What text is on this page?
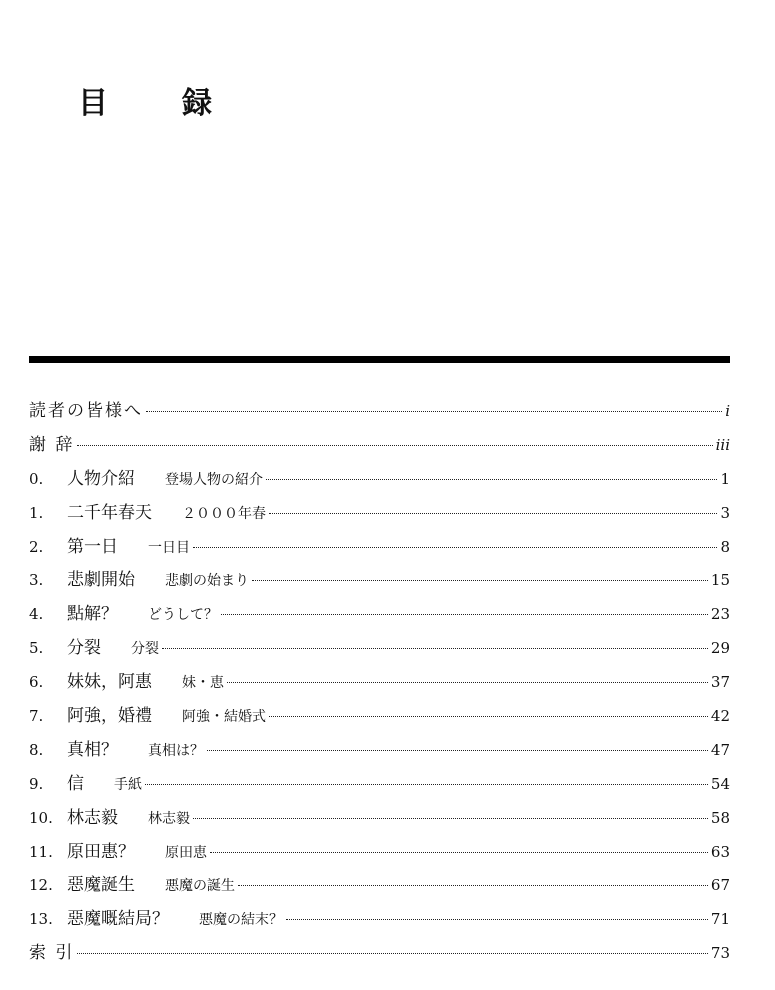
目　録
読者の皆様へ	i
謝 辞	iii
0.	人物介紹 登場人物の紹介	1
1.	二千年春天 ２０００年春	3
2.	第一日 一日目	8
3.	悲劇開始 悲劇の始まり	15
4.	點解？ どうして？	23
5.	分裂 分裂	29
6.	妹妹，阿惠 妹・恵	37
7.	阿強，婚禮 阿強・結婚式	42
8.	真相？ 真相は？	47
9.	信 手紙	54
10. 林志毅 林志毅	58
11. 原田惠？ 原田恵	63
12. 惡魔誕生 悪魔の誕生	67
13. 惡魔嘅結局？ 悪魔の結末？	71
索 引	73
